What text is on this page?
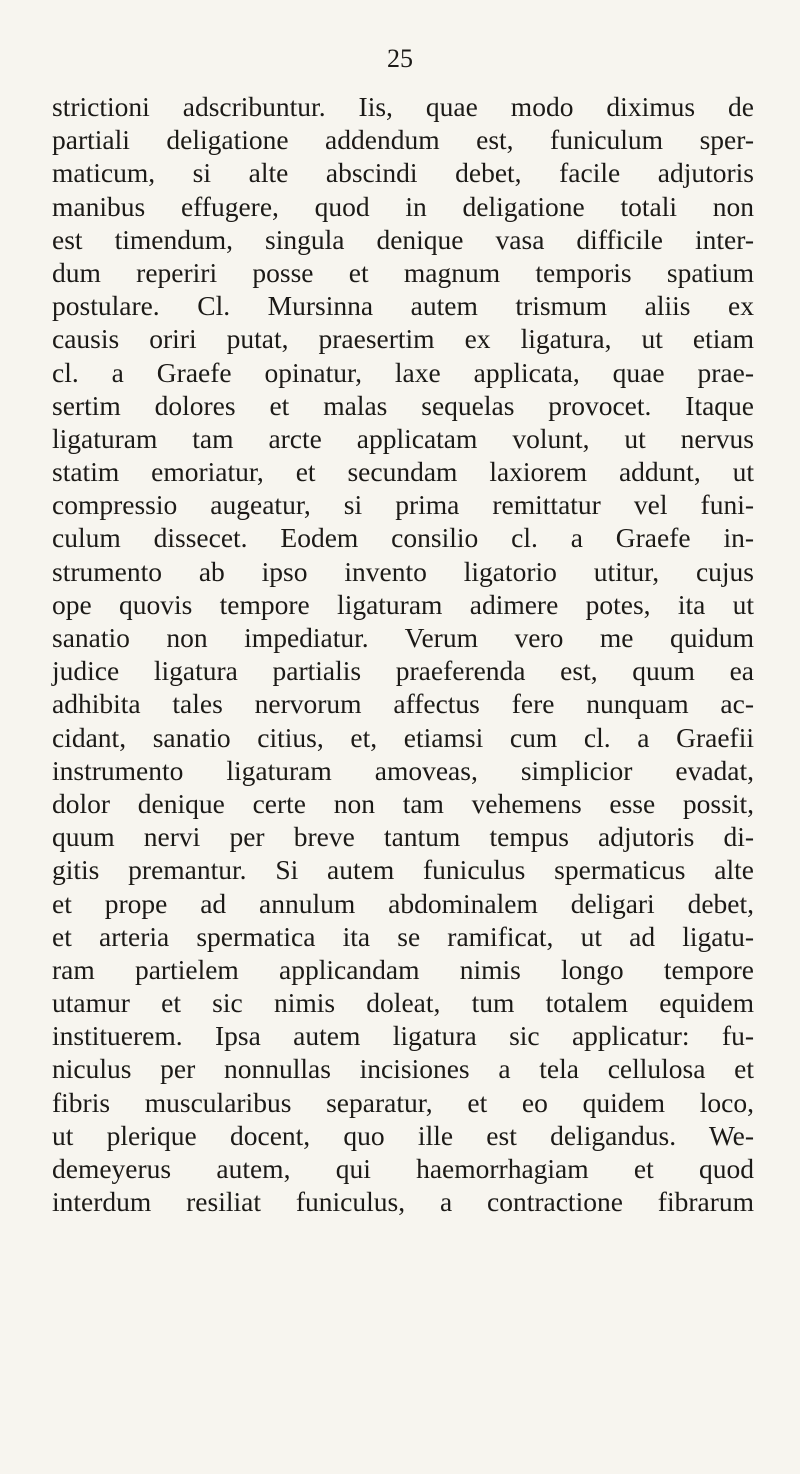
25
strictioni adscribuntur. Iis, quae modo diximus de
partiali deligatione addendum est, funiculum sper-
maticum, si alte abscindi debet, facile adjutoris
manibus effugere, quod in deligatione totali non
est timendum, singula denique vasa difficile inter-
dum reperiri posse et magnum temporis spatium
postulare. Cl. Mursinna autem trismum aliis ex
causis oriri putat, praesertim ex ligatura, ut etiam
cl. a Graefe opinatur, laxe applicata, quae prae-
sertim dolores et malas sequelas provocet. Itaque
ligaturam tam arcte applicatam volunt, ut nervus
statim emoriatur, et secundam laxiorem addunt, ut
compressio augeatur, si prima remittatur vel funi-
culum dissecet. Eodem consilio cl. a Graefe in-
strumento ab ipso invento ligatorio utitur, cujus
ope quovis tempore ligaturam adimere potes, ita ut
sanatio non impediatur. Verum vero me quidum
judice ligatura partialis praeferenda est, quum ea
adhibita tales nervorum affectus fere nunquam ac-
cidant, sanatio citius, et, etiamsi cum cl. a Graefii
instrumento ligaturam amoveas, simplicior evadat,
dolor denique certe non tam vehemens esse possit,
quum nervi per breve tantum tempus adjutoris di-
gitis premantur. Si autem funiculus spermaticus alte
et prope ad annulum abdominalem deligari debet,
et arteria spermatica ita se ramificat, ut ad ligatu-
ram partielem applicandam nimis longo tempore
utamur et sic nimis doleat, tum totalem equidem
instituerem. Ipsa autem ligatura sic applicatur: fu-
niculus per nonnullas incisiones a tela cellulosa et
fibris muscularibus separatur, et eo quidem loco,
ut plerique docent, quo ille est deligandus. We-
demeyerus autem, qui haemorrhagiam et quod
interdum resiliat funiculus, a contractione fibrarum
